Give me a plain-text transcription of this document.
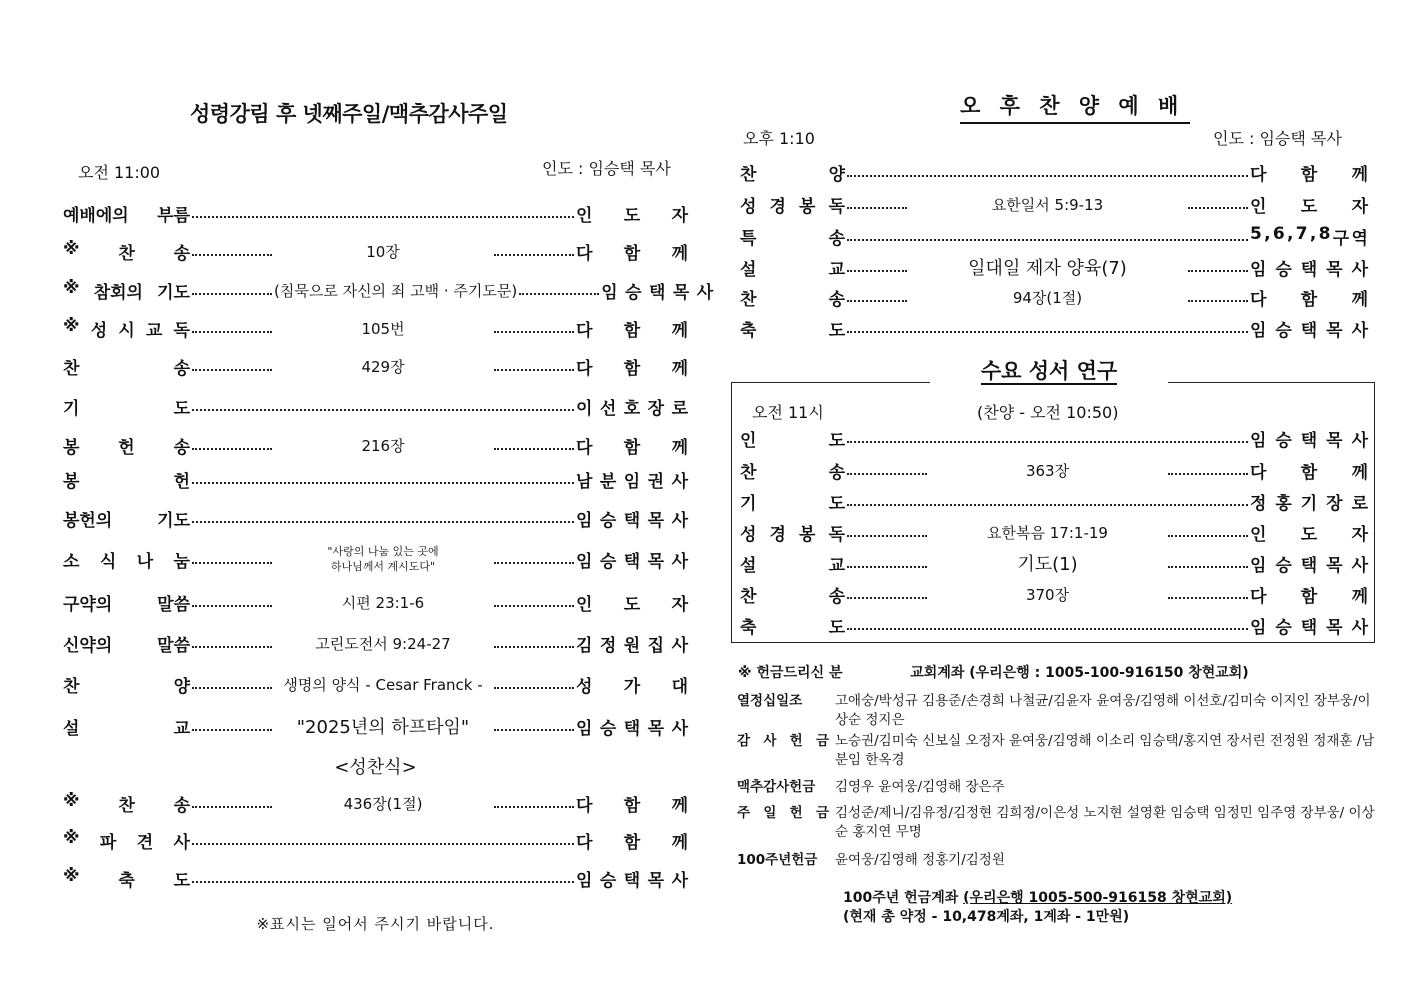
성령강림 후 넷째주일/맥추감사주일
오전 11:00	인도 : 임승택 목사
예배에의 부름	인 도 자
※ 찬 송	10장	다 함 께
※ 참회의 기도	(침묵으로 자신의 죄 고백 · 주기도문)	임 승 택 목 사
※ 성 시 교 독	105번	다 함 께
찬	송	429장	다 함 께
기	도	이 선 호 장 로
봉 헌 송	216장	다 함 께
봉	헌	남 분 임 권 사
봉헌의	기도	임 승 택 목 사
소 식 나 눔	"사랑의 나눔 있는 곳에
하나님께서 계시도다"	임 승 택 목 사
구약의	말씀	시편 23:1-6	인 도 자
신약의	말씀	고린도전서 9:24-27	김 정 원 집 사
찬	양	생명의 양식 - Cesar Franck -	성 가 대
설	교	"2025년의 하프타임"	임 승 택 목 사
※ 찬 송	436장(1절)	다 함 께
※ 파 견 사	다 함 께
※ 축 도	임 승 택 목 사
<성찬식>
※표시는 일어서 주시기 바랍니다.
오 후 찬 양 예 배
오후 1:10	인도 : 임승택 목사
찬	양	다 함 께
성 경 봉 독	요한일서 5:9-13	인 도 자
특	송	5 , 6 , 7 , 8 구 역
설	교	일대일 제자 양육(7)	임 승 택 목 사
찬	송	94장(1절)	다 함 께
축	도	임 승 택 목 사
수요 성서 연구
오전 11시	(찬양 - 오전 10:50)
인	도	임 승 택 목 사
찬	송	363장	다 함 께
기	도	정 홍 기 장 로
성 경 봉 독	요한복음 17:1-19	인 도 자
설	교	기도(1)	임 승 택 목 사
찬	송	370장	다 함 께
축	도	임 승 택 목 사
※ 헌금드리신 분	교회계좌 (우리은행 : 1005-100-916150 창현교회)
열정십일조 고애숭/박성규 김용준/손경희 나철균/김윤자 윤여웅/김영해 이선호/김미숙 이지인 장부웅/이상순 정지은
감 사 헌 금 노승권/김미숙 신보실 오정자 윤여웅/김영해 이소리 임승택/홍지연 장서린 전정원 정재훈 /남분임 한옥경
맥추감사헌금 김영우 윤여웅/김영해 장은주
주 일 헌 금 김성준/제니/김유정/김정현 김희정/이은성 노지현 설영환 임승택 임정민 임주영 장부웅/ 이상순 홍지연 무명
100주년헌금 윤여웅/김영해 정홍기/김정원
100주년 헌금계좌 (우리은행 1005-500-916158 창현교회)
(현재 총 약정 - 10,478계좌, 1계좌 - 1만원)
